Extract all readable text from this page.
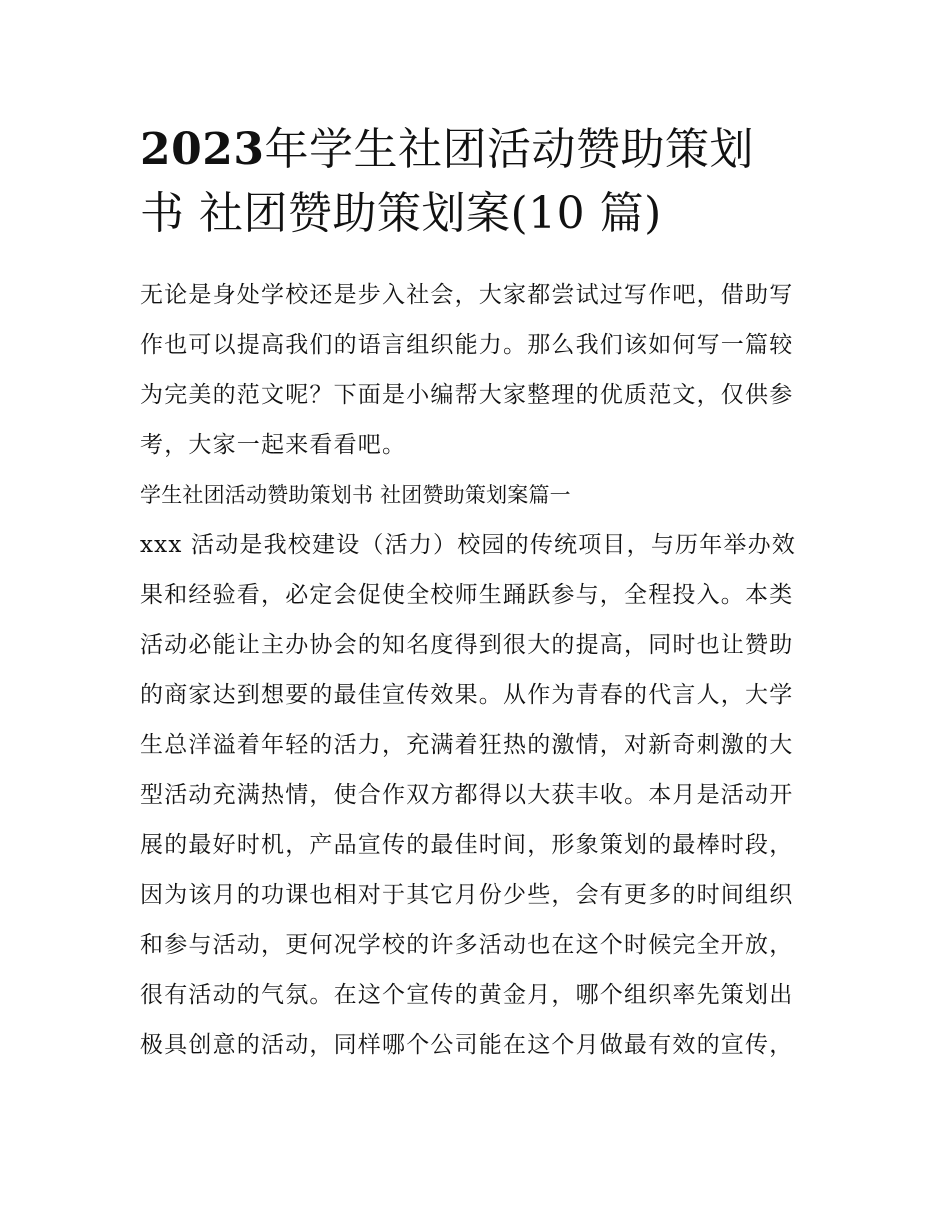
2023年学生社团活动赞助策划
书 社团赞助策划案(10 篇)

无论是身处学校还是步入社会，大家都尝试过写作吧，借助写

作也可以提高我们的语言组织能力。那么我们该如何写一篇较

为完美的范文呢？下面是小编帮大家整理的优质范文，仅供参

考，大家一起来看看吧。

学生社团活动赞助策划书 社团赞助策划案篇一

xxx 活动是我校建设（活力）校园的传统项目，与历年举办效

果和经验看，必定会促使全校师生踊跃参与，全程投入。本类

活动必能让主办协会的知名度得到很大的提高，同时也让赞助

的商家达到想要的最佳宣传效果。从作为青春的代言人，大学

生总洋溢着年轻的活力，充满着狂热的激情，对新奇刺激的大

型活动充满热情，使合作双方都得以大获丰收。本月是活动开

展的最好时机，产品宣传的最佳时间，形象策划的最棒时段，

因为该月的功课也相对于其它月份少些，会有更多的时间组织

和参与活动，更何况学校的许多活动也在这个时候完全开放，

很有活动的气氛。在这个宣传的黄金月，哪个组织率先策划出

极具创意的活动，同样哪个公司能在这个月做最有效的宣传，
